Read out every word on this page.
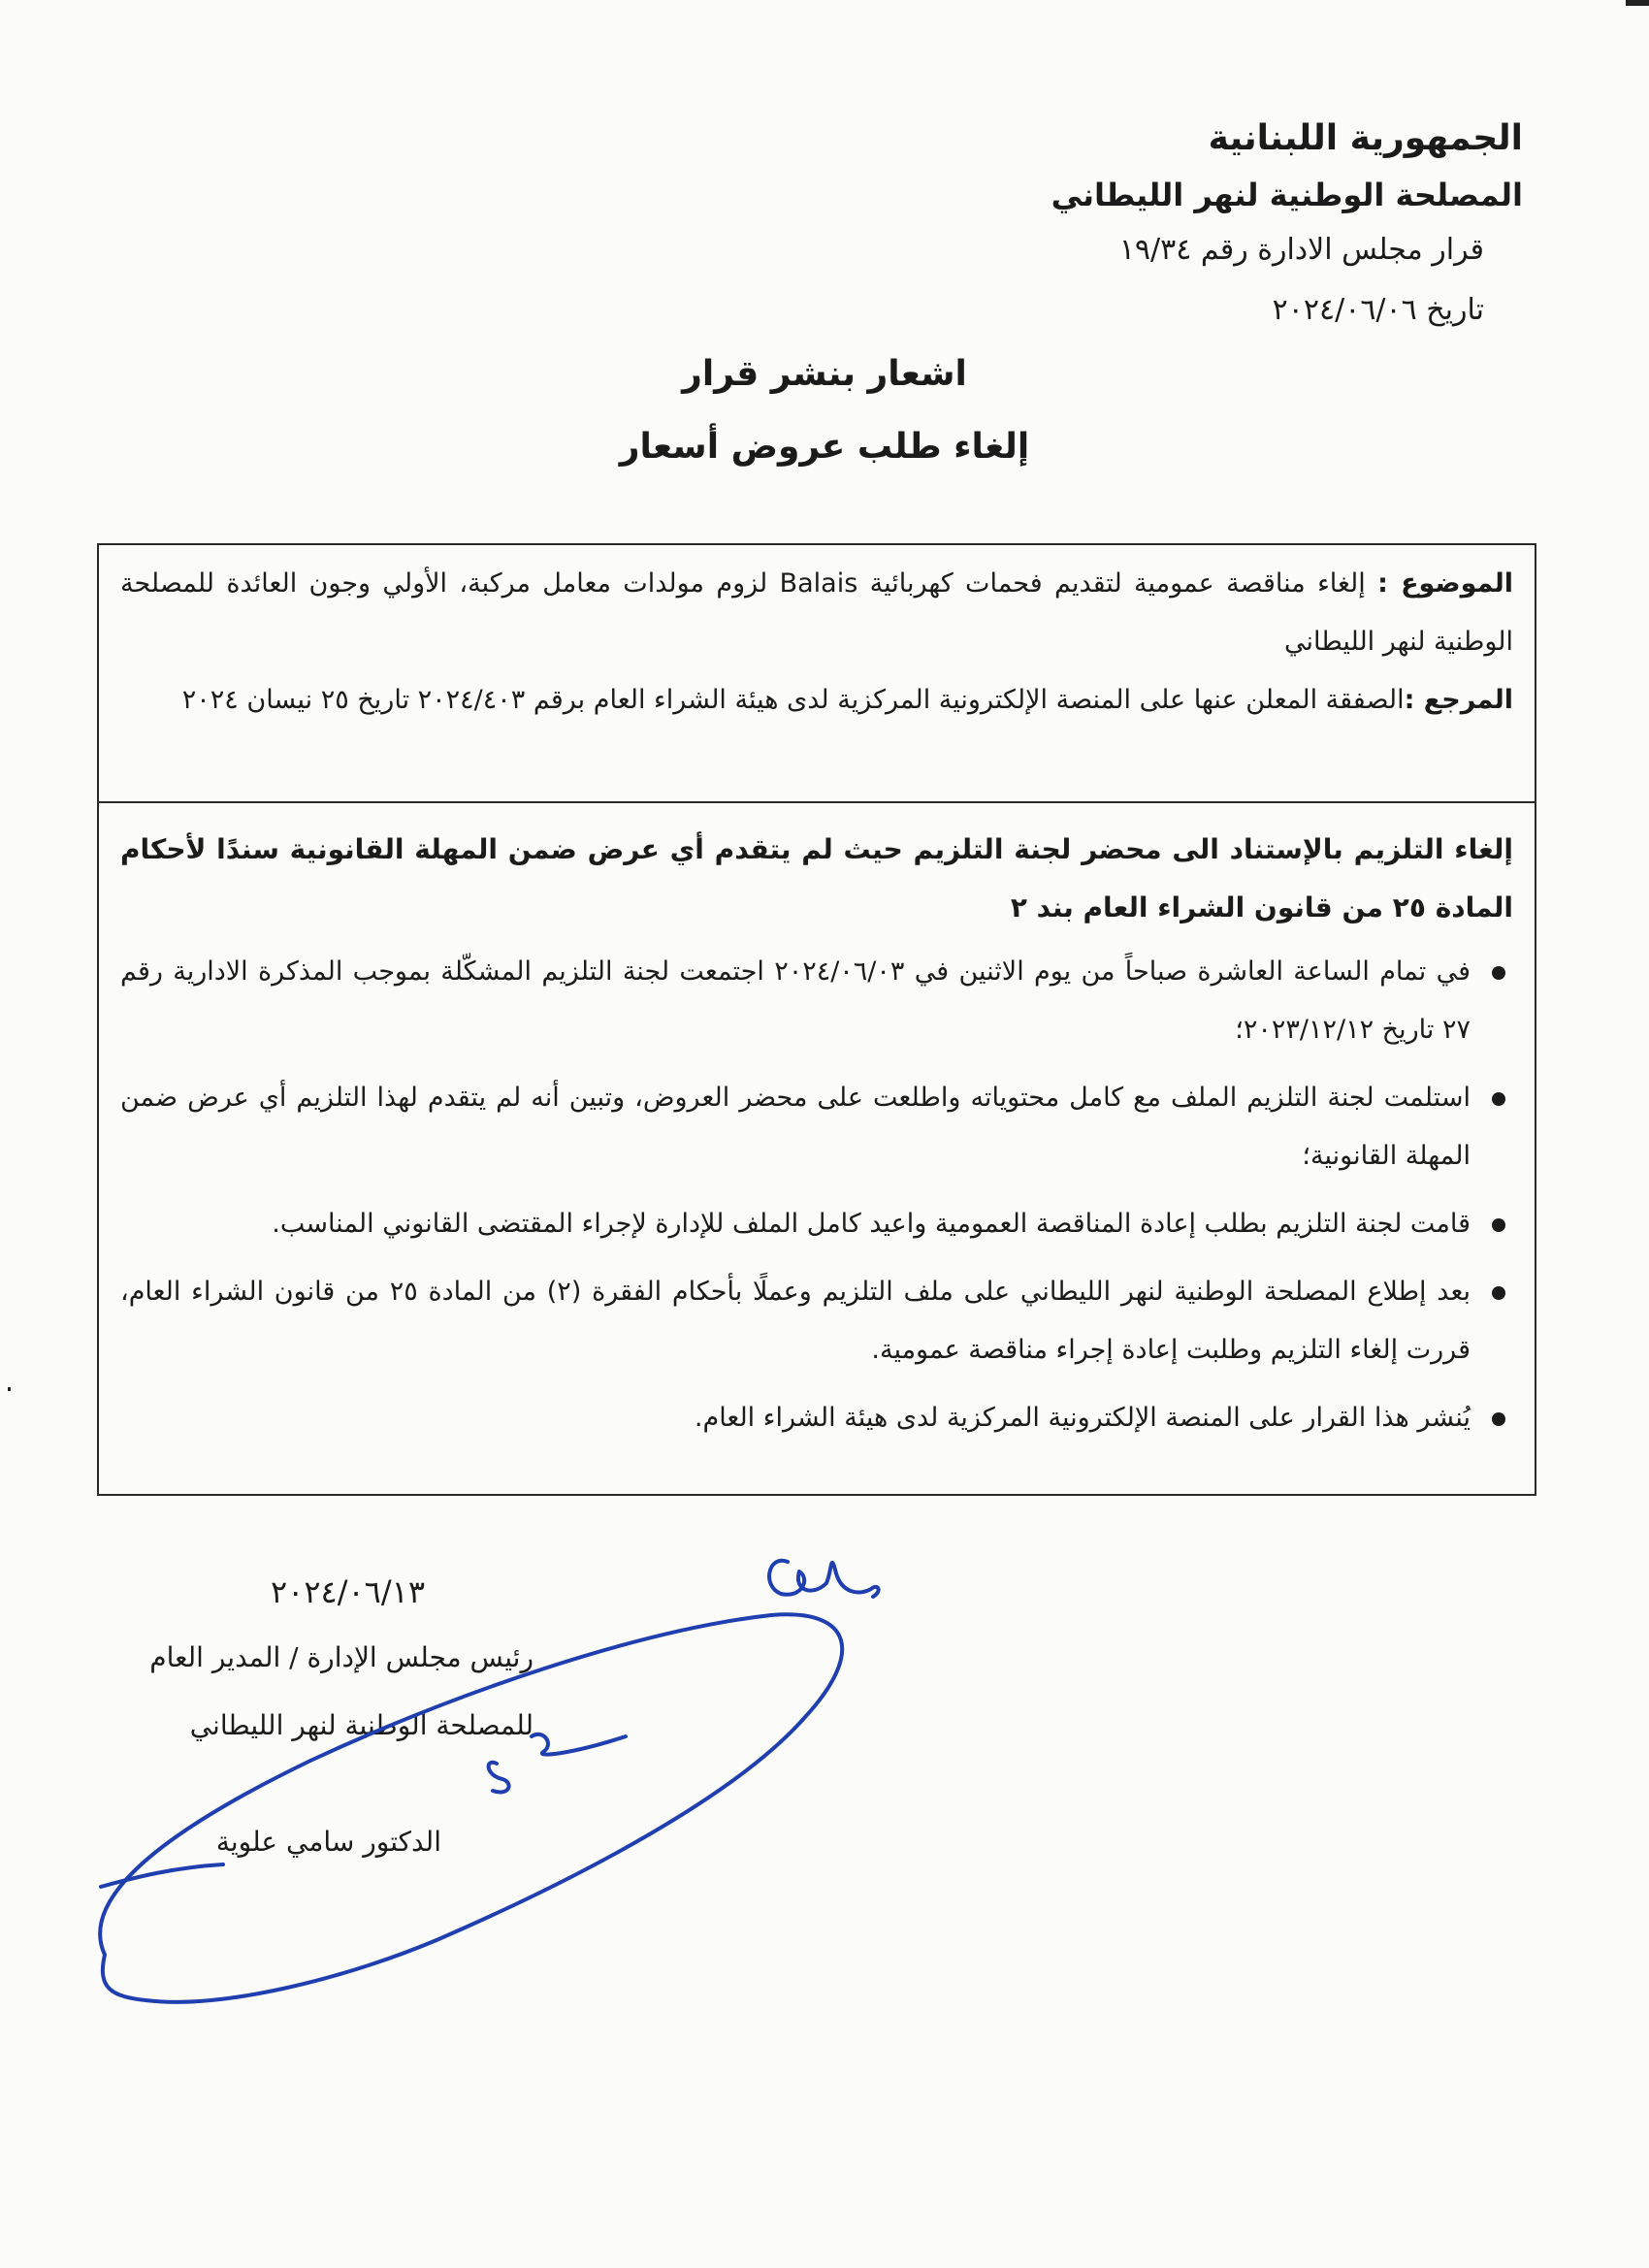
الجمهورية اللبنانية
المصلحة الوطنية لنهر الليطاني
قرار مجلس الادارة رقم ١٩/٣٤
تاريخ ٢٠٢٤/٠٦/٠٦
اشعار بنشر قرار
إلغاء طلب عروض أسعار

الموضوع : إلغاء مناقصة عمومية لتقديم فحمات كهربائية Balais لزوم مولدات معامل مركبة، الأولي وجون العائدة للمصلحة الوطنية لنهر الليطاني

المرجع :الصفقة المعلن عنها على المنصة الإلكترونية المركزية لدى هيئة الشراء العام برقم ٢٠٢٤/٤٠٣ تاريخ ٢٥ نيسان ٢٠٢٤

إلغاء التلزيم بالإستناد الى محضر لجنة التلزيم حيث لم يتقدم أي عرض ضمن المهلة القانونية سندًا لأحكام المادة ٢٥ من قانون الشراء العام بند ٢

في تمام الساعة العاشرة صباحاً من يوم الاثنين في ٢٠٢٤/٠٦/٠٣ اجتمعت لجنة التلزيم المشكّلة بموجب المذكرة الادارية رقم ٢٧ تاريخ ٢٠٢٣/١٢/١٢؛
استلمت لجنة التلزيم الملف مع كامل محتوياته واطلعت على محضر العروض، وتبين أنه لم يتقدم لهذا التلزيم أي عرض ضمن المهلة القانونية؛
قامت لجنة التلزيم بطلب إعادة المناقصة العمومية واعيد كامل الملف للإدارة لإجراء المقتضى القانوني المناسب.
بعد إطلاع المصلحة الوطنية لنهر الليطاني على ملف التلزيم وعملًا بأحكام الفقرة (٢) من المادة ٢٥ من قانون الشراء العام، قررت إلغاء التلزيم وطلبت إعادة إجراء مناقصة عمومية.
يُنشر هذا القرار على المنصة الإلكترونية المركزية لدى هيئة الشراء العام.
٢٠٢٤/٠٦/١٣
رئيس مجلس الإدارة / المدير العام
للمصلحة الوطنية لنهر الليطاني
الدكتور سامي علوية
